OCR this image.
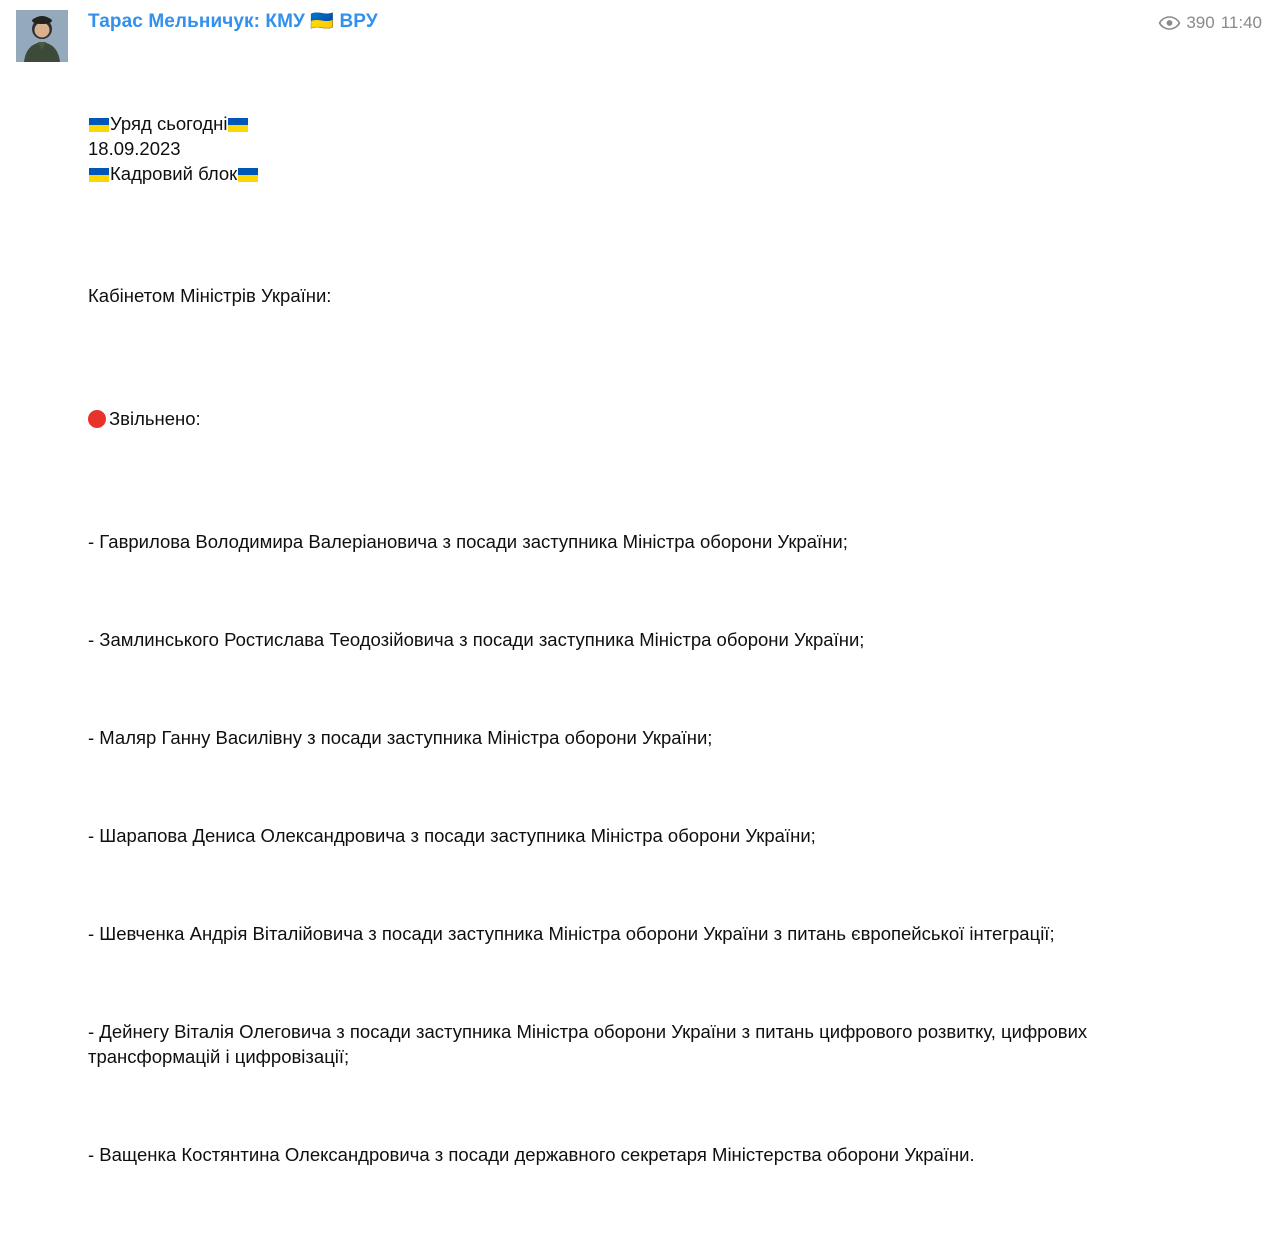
390 11:40
Тарас Мельничук: КМУ 🇺🇦 ВРУ

Уряд сьогодні

18.09.2023

Кадровий блок

Кабінетом Міністрів України:

Звільнено:

- Гаврилова Володимира Валеріановича з посади заступника Міністра оборони України;

- Замлинського Ростислава Теодозійовича з посади заступника Міністра оборони України;

- Маляр Ганну Василівну з посади заступника Міністра оборони України;

- Шарапова Дениса Олександровича з посади заступника Міністра оборони України;

- Шевченка Андрія Віталійовича з посади заступника Міністра оборони України з питань європейської інтеграції;

- Дейнегу Віталія Олеговича з посади заступника Міністра оборони України з питань цифрового розвитку, цифрових трансформацій і цифровізації;

- Ващенка Костянтина Олександровича з посади державного секретаря Міністерства оборони України.
